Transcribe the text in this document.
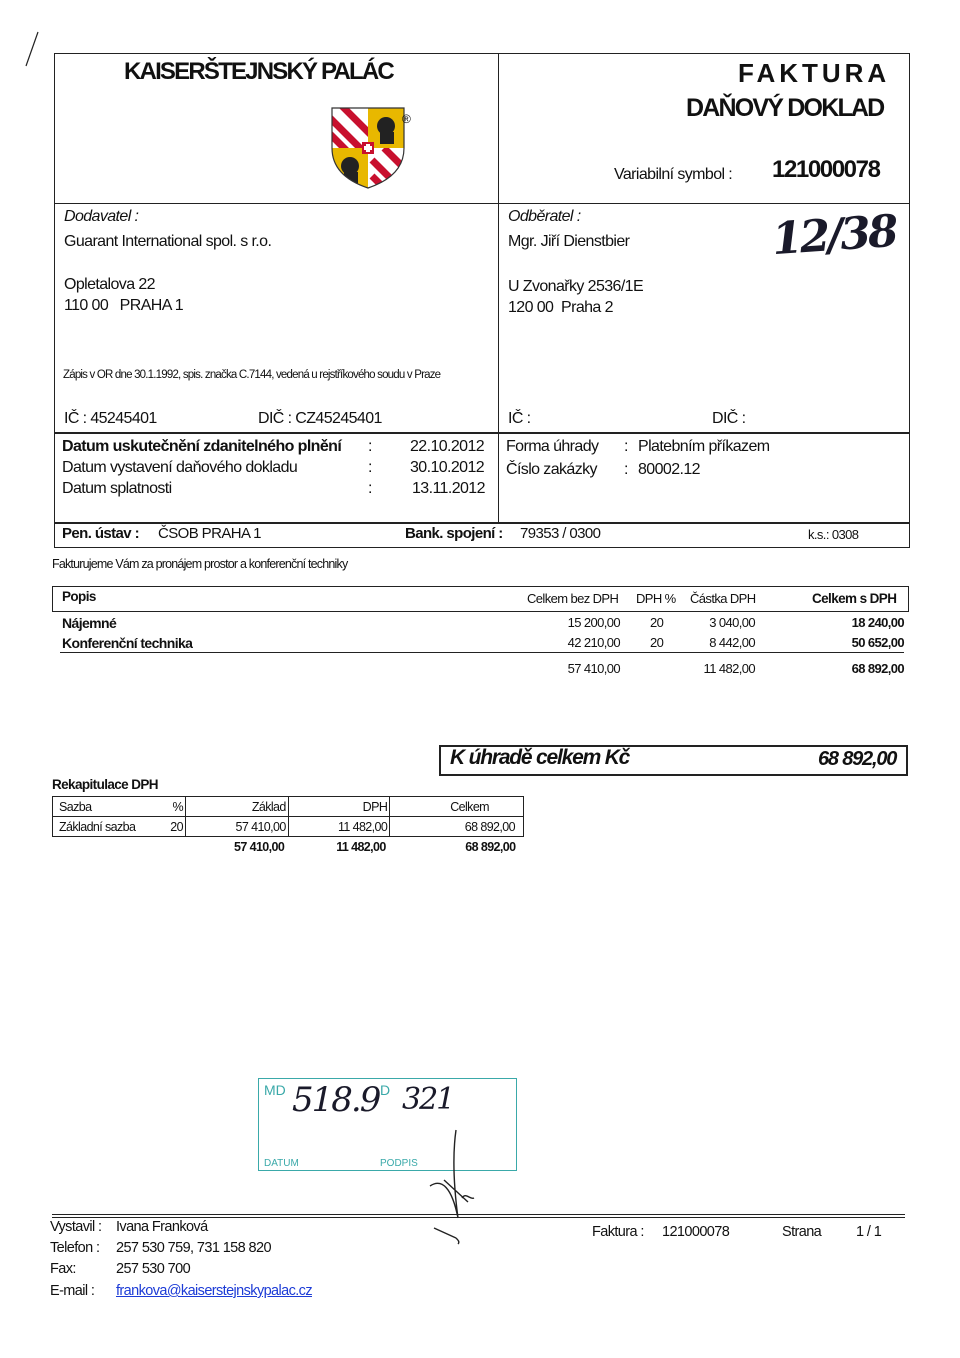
KAISERŠTEJNSKÝ PALÁC
®
FAKTURA
DAŇOVÝ DOKLAD
Variabilní symbol : 121000078
Dodavatel :
Guarant International spol. s r.o.
Opletalova 22
110 00   PRAHA 1
Zápis v OR dne 30.1.1992, spis. značka C.7144, vedená u rejstříkového soudu v Praze
IČ : 45245401	DIČ : CZ45245401
Odběratel :
Mgr. Jiří Dienstbier	12/38
U Zvonařky 2536/1E
120 00  Praha 2
IČ :	DIČ :
Datum uskutečnění zdanitelného plnění : 22.10.2012
Datum vystavení daňového dokladu	: 30.10.2012
Datum splatnosti	: 13.11.2012
Forma úhrady : Platebním příkazem
Číslo zakázky : 80002.12
Pen. ústav : ČSOB PRAHA 1	Bank. spojení : 79353 / 0300	k.s.: 0308
Fakturujeme Vám za pronájem prostor a konferenční techniky
Popis	Celkem bez DPH DPH % Částka DPH	Celkem s DPH
Nájemné	15 200,00 20	3 040,00	18 240,00
Konferenční technika	42 210,00 20	8 442,00	50 652,00
57 410,00	11 482,00	68 892,00
K úhradě celkem Kč	68 892,00
Rekapitulace DPH
Sazba	%	Základ	DPH	Celkem
Základní sazba	20	57 410,00	11 482,00	68 892,00
		57 410,00	11 482,00	68 892,00
MD 518.9 D 321
DATUM	PODPIS
Vystavil : Ivana Franková
Telefon : 257 530 759, 731 158 820
Fax:	257 530 700
E-mail : frankova@kaiserstejnskypalac.cz
Faktura : 121000078	Strana 1 / 1
